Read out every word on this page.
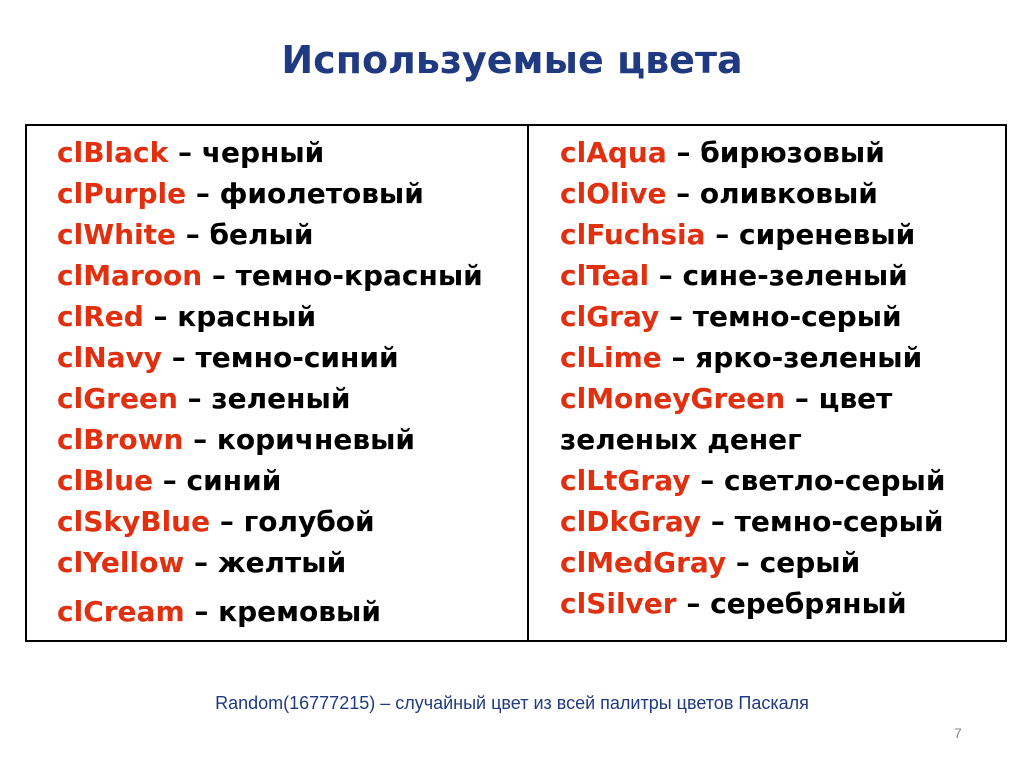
Используемые цвета
clBlack – черный
clPurple – фиолетовый
clWhite – белый
clMaroon – темно-красный
clRed – красный
clNavy – темно-синий
clGreen – зеленый
clBrown – коричневый
clBlue – синий
clSkyBlue – голубой
clYellow – желтый
clCream – кремовый
clAqua – бирюзовый
clOlive – оливковый
clFuchsia – сиреневый
clTeal – сине-зеленый
clGray – темно-серый
clLime – ярко-зеленый
clMoneyGreen – цвет
зеленых денег
clLtGray – светло-серый
clDkGray – темно-серый
clMedGray – серый
clSilver – серебряный
Random(16777215) – случайный цвет из всей палитры цветов Паскаля
7
